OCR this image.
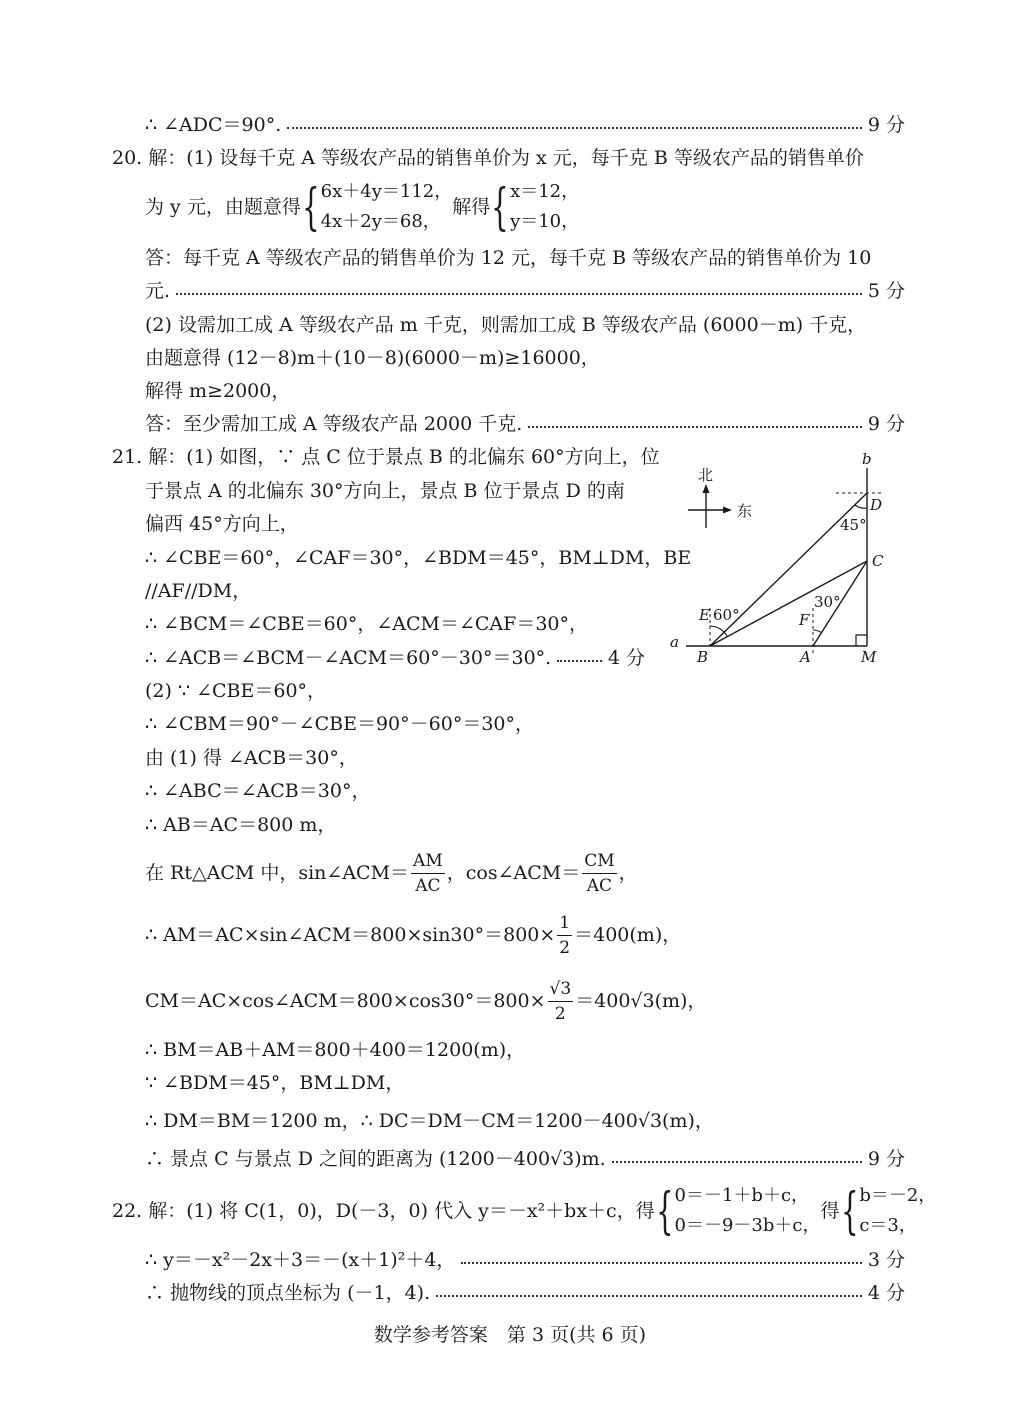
∴ ∠ADC＝90°.	9 分
20. 解：(1) 设每千克 A 等级农产品的销售单价为 x 元，每千克 B 等级农产品的销售单价
为 y 元，由题意得 { 6x＋4y＝112，
4x＋2y＝68，
解得 { x＝12，
y＝10，
答：每千克 A 等级农产品的销售单价为 12 元，每千克 B 等级农产品的销售单价为 10
元.	5 分
(2) 设需加工成 A 等级农产品 m 千克，则需加工成 B 等级农产品 (6000－m) 千克，
由题意得 (12－8)m＋(10－8)(6000－m)≥16000，
解得 m≥2000，
答：至少需加工成 A 等级农产品 2000 千克.	9 分
21. 解：(1) 如图，∵ 点 C 位于景点 B 的北偏东 60°方向上，位
于景点 A 的北偏东 30°方向上，景点 B 位于景点 D 的南
偏西 45°方向上，
∴ ∠CBE＝60°，∠CAF＝30°，∠BDM＝45°，BM⊥DM，BE
//AF//DM，
∴ ∠BCM＝∠CBE＝60°，∠ACM＝∠CAF＝30°，
∴ ∠ACB＝∠BCM－∠ACM＝60°－30°＝30°.	4 分
(2) ∵ ∠CBE＝60°，
∴ ∠CBM＝90°－∠CBE＝90°－60°＝30°，
由 (1) 得 ∠ACB＝30°，
∴ ∠ABC＝∠ACB＝30°，
∴ AB＝AC＝800 m，
在 Rt△ACM 中，sin∠ACM＝ $\frac{AM}{AC}$ ，cos∠ACM＝ $\frac{CM}{AC}$ ，
∴ AM＝AC×sin∠ACM＝800×sin30°＝800× $\frac{1}{2} =400(m)$，
CM＝AC×cos∠ACM＝800×cos30°＝800× $\frac{√3}{2} =400√3(m)$，
∴ BM＝AB＋AM＝800＋400＝1200(m)，
∵ ∠BDM＝45°，BM⊥DM，
∴ DM＝BM＝1200 m，∴ DC＝DM－CM＝1200－400√3(m)，
∴ 景点 C 与景点 D 之间的距离为 (1200－400√3)m.	9 分
22. 解：(1) 将 C(1，0)，D(－3，0) 代入 y＝－x²＋bx＋c，得 { 0＝－1＋b＋c，
0＝－9－3b＋c，
得 { b＝－2，
c＝3，
∴ y＝－x²－2x＋3＝－(x＋1)²＋4，	3 分
∴ 抛物线的顶点坐标为 (－1，4).	4 分
数学参考答案　第 3 页(共 6 页)
北
东
a
b
B	A	M
C
D
E	F
60°
30°
45°
